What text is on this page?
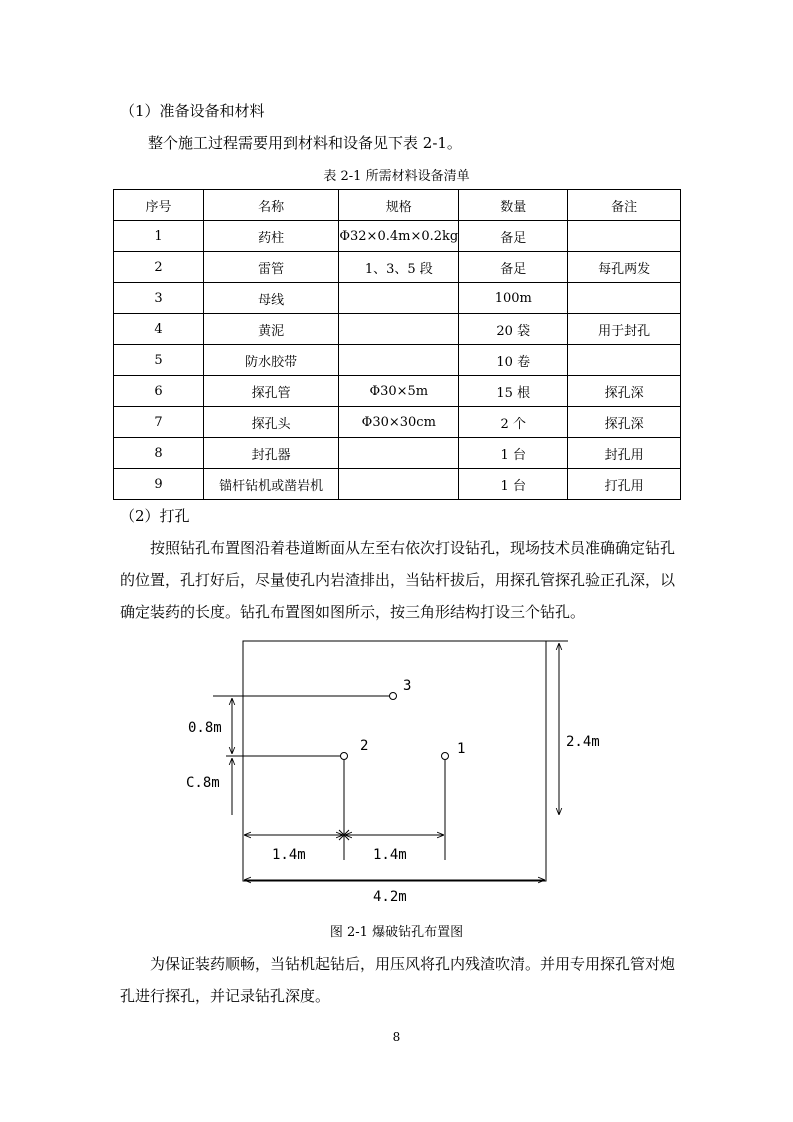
（1）准备设备和材料

整个施工过程需要用到材料和设备见下表 2-1。

表 2-1 所需材料设备清单

序号	名称	规格	数量	备注
1	药柱	Φ32×0.4m×0.2kg	备足	
2	雷管	1、3、5 段	备足	每孔两发
3	母线		100m	
4	黄泥		20 袋	用于封孔
5	防水胶带		10 卷	
6	探孔管	Φ30×5m	15 根	探孔深
7	探孔头	Φ30×30cm	2 个	探孔深
8	封孔器		1 台	封孔用
9	锚杆钻机或凿岩机		1 台	打孔用

（2）打孔

按照钻孔布置图沿着巷道断面从左至右依次打设钻孔，现场技术员准确确定钻孔的位置，孔打好后，尽量使孔内岩渣排出，当钻杆拔后，用探孔管探孔验正孔深，以确定装药的长度。钻孔布置图如图所示，按三角形结构打设三个钻孔。

3
2	1
0.8m
C.8m
2.4m
1.4m	1.4m
4.2m

图 2-1 爆破钻孔布置图

为保证装药顺畅，当钻机起钻后，用压风将孔内残渣吹清。并用专用探孔管对炮孔进行探孔，并记录钻孔深度。

8
